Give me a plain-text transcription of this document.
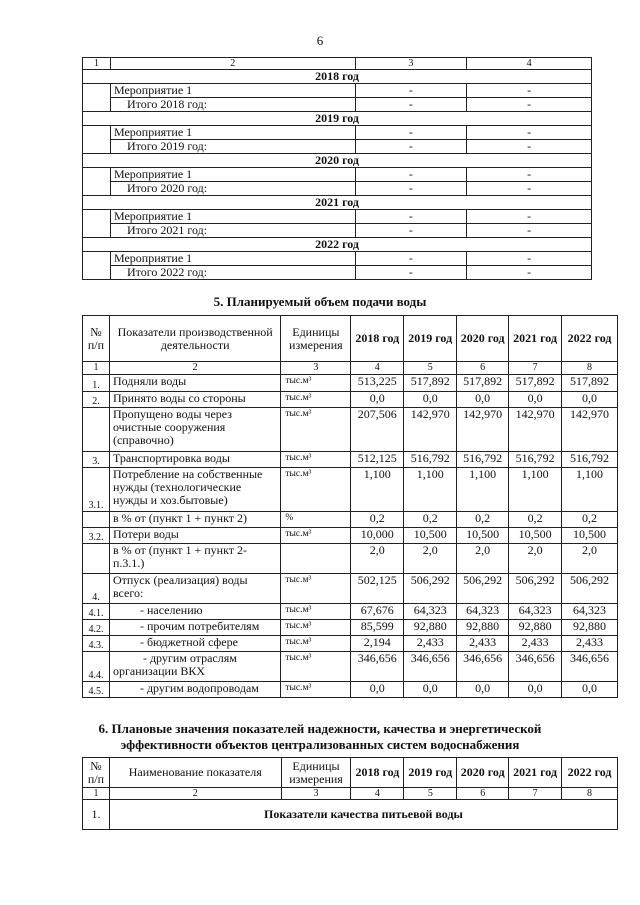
6
1	2	3	4
2018 год			
	Мероприятие 1	-	-
	Итого 2018 год:	-	-
2019 год			
	Мероприятие 1	-	-
	Итого 2019 год:	-	-
2020 год			
	Мероприятие 1	-	-
	Итого 2020 год:	-	-
2021 год			
	Мероприятие 1	-	-
	Итого 2021 год:	-	-
2022 год			
	Мероприятие 1	-	-
	Итого 2022 год:	-	-
5. Планируемый объем подачи воды
№ п/п	Показатели производственной деятельности	Единицы измерения	2018 год	2019 год	2020 год	2021 год	2022 год
1	2	3	4	5	6	7	8
1.	Подняли воды	тыс.м³	513,225	517,892	517,892	517,892	517,892
2.	Принято воды со стороны	тыс.м³	0,0	0,0	0,0	0,0	0,0
	Пропущено воды через очистные сооружения (справочно)	тыс.м³	207,506	142,970	142,970	142,970	142,970
3.	Транспортировка воды	тыс.м³	512,125	516,792	516,792	516,792	516,792
3.1.	Потребление на собственные нужды (технологические нужды и хоз.бытовые)	тыс.м³	1,100	1,100	1,100	1,100	1,100
	в % от (пункт 1 + пункт 2)	%	0,2	0,2	0,2	0,2	0,2
3.2.	Потери воды	тыс.м³	10,000	10,500	10,500	10,500	10,500
	в % от (пункт 1 + пункт 2- п.3.1.)		2,0	2,0	2,0	2,0	2,0
4.	Отпуск (реализация) воды всего:	тыс.м³	502,125	506,292	506,292	506,292	506,292
4.1.	- населению	тыс.м³	67,676	64,323	64,323	64,323	64,323
4.2.	- прочим потребителям	тыс.м³	85,599	92,880	92,880	92,880	92,880
4.3.	- бюджетной сфере	тыс.м³	2,194	2,433	2,433	2,433	2,433
4.4.	- другим отраслям
организации ВКХ	тыс.м³	346,656	346,656	346,656	346,656	346,656
4.5.	- другим водопроводам	тыс.м³	0,0	0,0	0,0	0,0	0,0
6. Плановые значения показателей надежности, качества и энергетической
эффективности объектов централизованных систем водоснабжения
№ п/п	Наименование показателя	Единицы измерения	2018 год	2019 год	2020 год	2021 год	2022 год
1	2	3	4	5	6	7	8
1.	Показатели качества питьевой воды						
